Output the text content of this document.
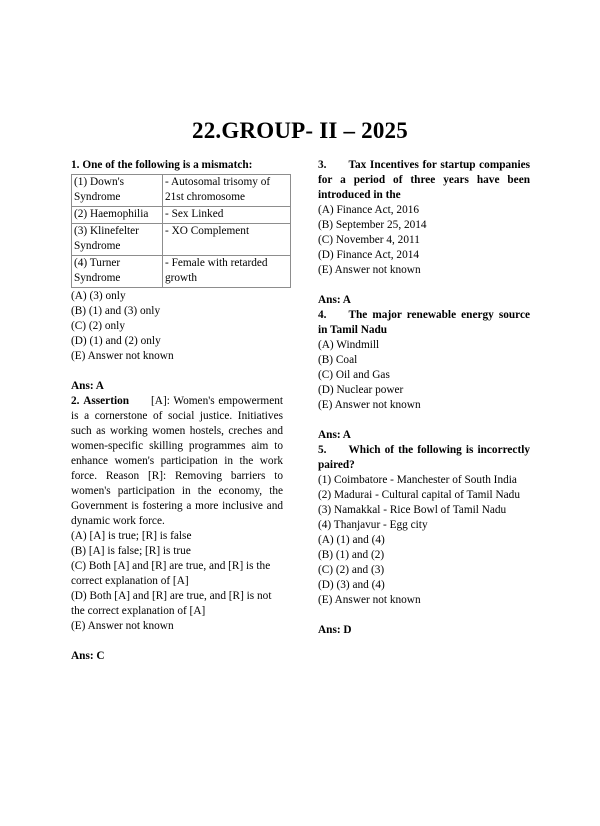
22.GROUP- II – 2025

1. One of the following is a mismatch:

(1) Down's Syndrome	- Autosomal trisomy of 21st chromosome
(2) Haemophilia	- Sex Linked
(3) Klinefelter Syndrome	- XO Complement
(4) Turner Syndrome	- Female with retarded growth

(A) (3) only

(B) (1) and (3) only

(C) (2) only

(D) (1) and (2) only

(E) Answer not known

Ans: A

2. Assertion [A]: Women's empowerment is a cornerstone of social justice. Initiatives such as working women hostels, creches and women-specific skilling programmes aim to enhance women's participation in the work force. Reason [R]: Removing barriers to women's participation in the economy, the Government is fostering a more inclusive and dynamic work force.

(A) [A] is true; [R] is false

(B) [A] is false; [R] is true

(C) Both [A] and [R] are true, and [R] is the correct explanation of [A]

(D) Both [A] and [R] are true, and [R] is not the correct explanation of [A]

(E) Answer not known

Ans: C

3. Tax Incentives for startup companies for a period of three years have been introduced in the

(A) Finance Act, 2016

(B) September 25, 2014

(C) November 4, 2011

(D) Finance Act, 2014

(E) Answer not known

Ans: A

4. The major renewable energy source in Tamil Nadu

(A) Windmill

(B) Coal

(C) Oil and Gas

(D) Nuclear power

(E) Answer not known

Ans: A

5. Which of the following is incorrectly paired?

(1) Coimbatore - Manchester of South India

(2) Madurai - Cultural capital of Tamil Nadu

(3) Namakkal - Rice Bowl of Tamil Nadu

(4) Thanjavur - Egg city

(A) (1) and (4)

(B) (1) and (2)

(C) (2) and (3)

(D) (3) and (4)

(E) Answer not known

Ans: D
